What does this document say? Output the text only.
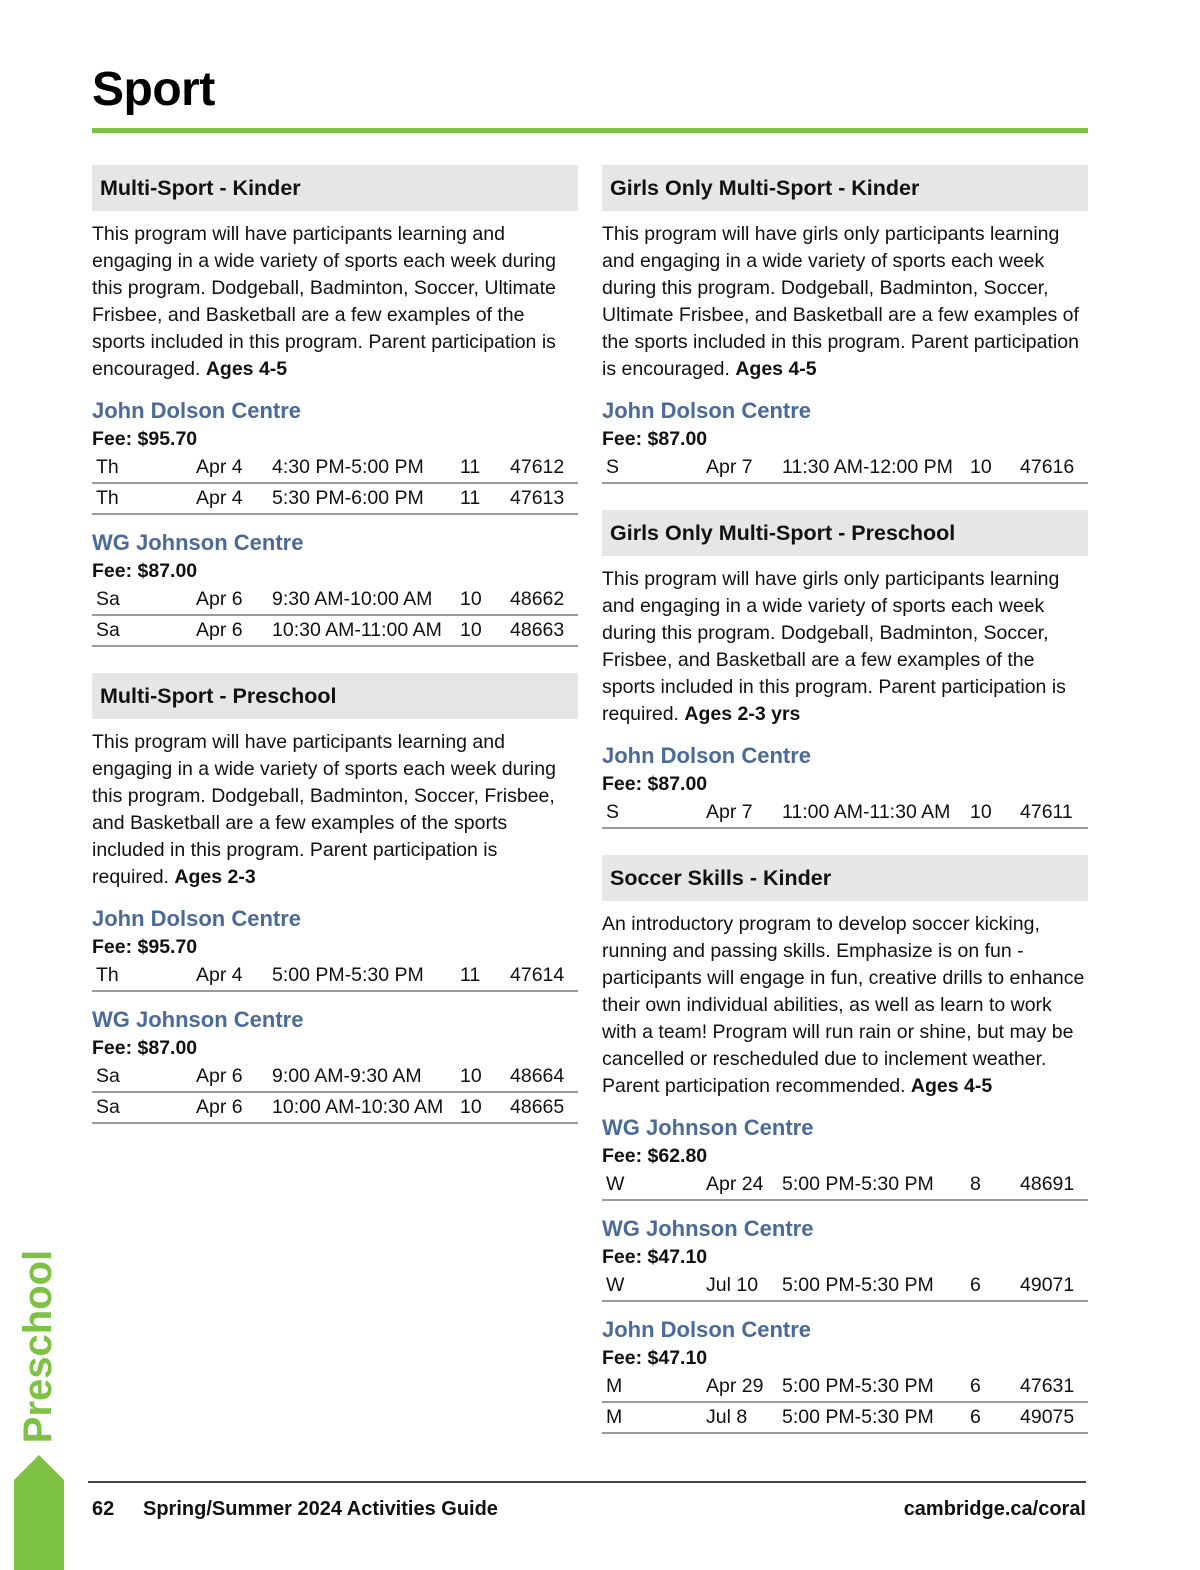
Sport
Multi-Sport - Kinder

This program will have participants learning and engaging in a wide variety of sports each week during this program. Dodgeball, Badminton, Soccer, Ultimate Frisbee, and Basketball are a few examples of the sports included in this program. Parent participation is encouraged. Ages 4-5

John Dolson Centre
Fee: $95.70
Th	Apr 4	4:30 PM-5:00 PM	11	47612
Th	Apr 4	5:30 PM-6:00 PM	11	47613
WG Johnson Centre
Fee: $87.00
Sa	Apr 6	9:30 AM-10:00 AM	10	48662
Sa	Apr 6	10:30 AM-11:00 AM	10	48663
Multi-Sport - Preschool

This program will have participants learning and engaging in a wide variety of sports each week during this program. Dodgeball, Badminton, Soccer, Frisbee, and Basketball are a few examples of the sports included in this program. Parent participation is required. Ages 2-3

John Dolson Centre
Fee: $95.70
Th	Apr 4	5:00 PM-5:30 PM	11	47614
WG Johnson Centre
Fee: $87.00
Sa	Apr 6	9:00 AM-9:30 AM	10	48664
Sa	Apr 6	10:00 AM-10:30 AM	10	48665
Girls Only Multi-Sport - Kinder

This program will have girls only participants learning and engaging in a wide variety of sports each week during this program. Dodgeball, Badminton, Soccer, Ultimate Frisbee, and Basketball are a few examples of the sports included in this program. Parent participation is encouraged. Ages 4-5

John Dolson Centre
Fee: $87.00
S	Apr 7	11:30 AM-12:00 PM	10	47616
Girls Only Multi-Sport - Preschool

This program will have girls only participants learning and engaging in a wide variety of sports each week during this program. Dodgeball, Badminton, Soccer, Frisbee, and Basketball are a few examples of the sports included in this program. Parent participation is required. Ages 2-3 yrs

John Dolson Centre
Fee: $87.00
S	Apr 7	11:00 AM-11:30 AM	10	47611
Soccer Skills - Kinder

An introductory program to develop soccer kicking, running and passing skills. Emphasize is on fun - participants will engage in fun, creative drills to enhance their own individual abilities, as well as learn to work with a team! Program will run rain or shine, but may be cancelled or rescheduled due to inclement weather. Parent participation recommended. Ages 4-5

WG Johnson Centre
Fee: $62.80
W	Apr 24	5:00 PM-5:30 PM	8	48691
WG Johnson Centre
Fee: $47.10
W	Jul 10	5:00 PM-5:30 PM	6	49071
John Dolson Centre
Fee: $47.10
M	Apr 29	5:00 PM-5:30 PM	6	47631
M	Jul 8	5:00 PM-5:30 PM	6	49075
Preschool
62 Spring/Summer 2024 Activities Guide	cambridge.ca/coral
